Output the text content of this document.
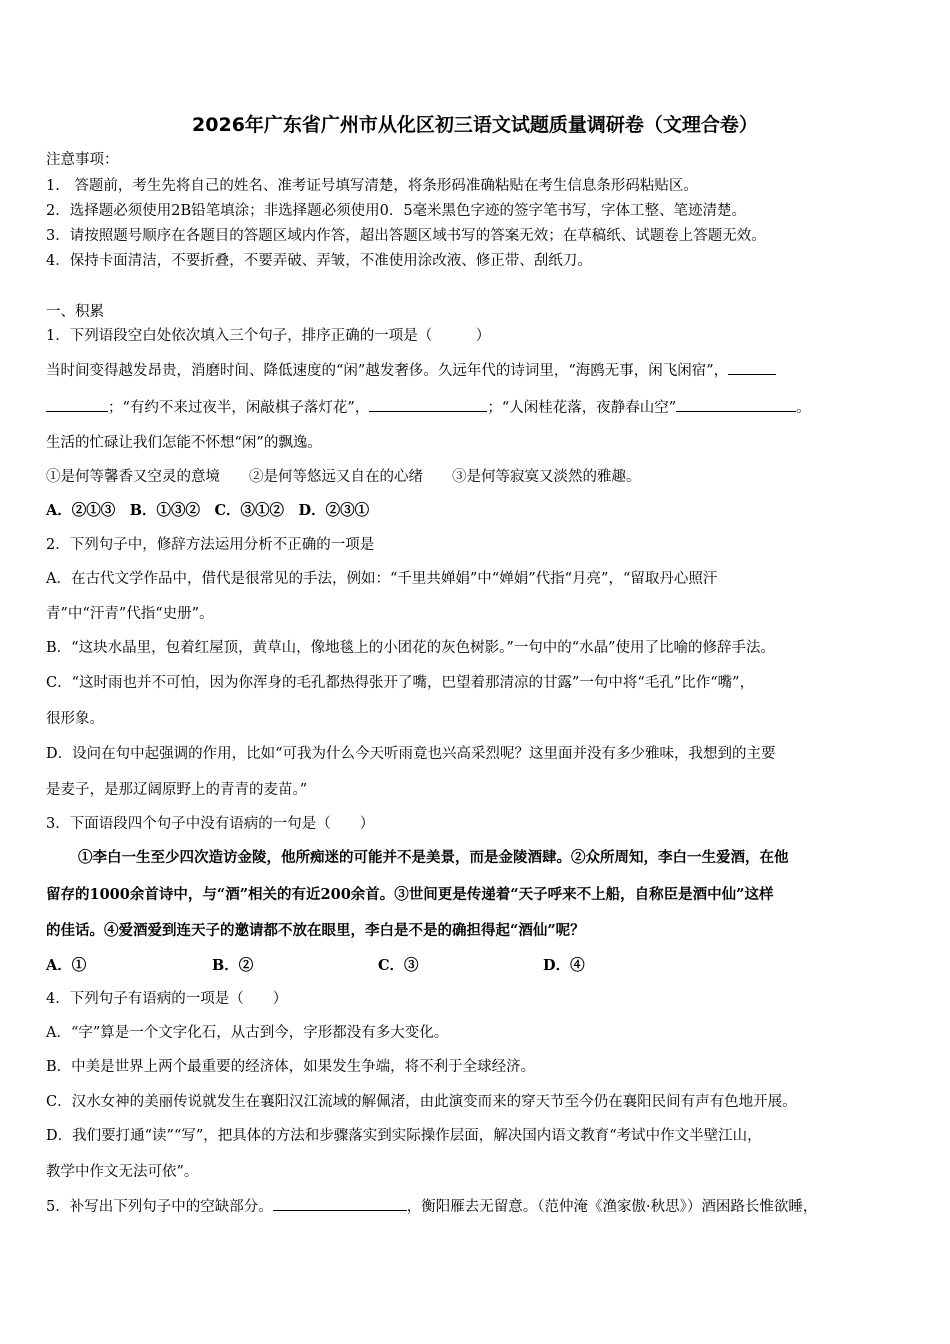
2026年广东省广州市从化区初三语文试题质量调研卷（文理合卷）
注意事项：
1.　答题前，考生先将自己的姓名、准考证号填写清楚，将条形码准确粘贴在考生信息条形码粘贴区。
2．选择题必须使用2B铅笔填涂；非选择题必须使用0．5毫米黑色字迹的签字笔书写，字体工整、笔迹清楚。
3．请按照题号顺序在各题目的答题区域内作答，超出答题区域书写的答案无效；在草稿纸、试题卷上答题无效。
4．保持卡面清洁，不要折叠，不要弄破、弄皱，不准使用涂改液、修正带、刮纸刀。
一、积累
1．下列语段空白处依次填入三个句子，排序正确的一项是（　　　）
当时间变得越发昂贵，消磨时间、降低速度的“闲”越发奢侈。久远年代的诗词里，“海鸥无事，闲飞闲宿”，
；“有约不来过夜半，闲敲棋子落灯花”，	；“人闲桂花落，夜静春山空”	。
生活的忙碌让我们怎能不怀想“闲”的飘逸。
①是何等馨香又空灵的意境　　②是何等悠远又自在的心绪　　③是何等寂寞又淡然的雅趣。
A．②①③　B．①③②　C．③①②　D．②③①
2．下列句子中，修辞方法运用分析不正确的一项是
A．在古代文学作品中，借代是很常见的手法，例如：“千里共婵娟”中“婵娟”代指“月亮”，“留取丹心照汗
青”中“汗青”代指“史册”。
B．“这块水晶里，包着红屋顶，黄草山，像地毯上的小团花的灰色树影。”一句中的“水晶”使用了比喻的修辞手法。
C．“这时雨也并不可怕，因为你浑身的毛孔都热得张开了嘴，巴望着那清凉的甘露”一句中将“毛孔”比作“嘴”，
很形象。
D．设问在句中起强调的作用，比如“可我为什么今天听雨竟也兴高采烈呢？这里面并没有多少雅味，我想到的主要
是麦子，是那辽阔原野上的青青的麦苗。”
3．下面语段四个句子中没有语病的一句是（　　）
①李白一生至少四次造访金陵，他所痴迷的可能并不是美景，而是金陵酒肆。②众所周知，李白一生爱酒，在他
留存的1000余首诗中，与“酒”相关的有近200余首。③世间更是传递着“天子呼来不上船，自称臣是酒中仙”这样
的佳话。④爱酒爱到连天子的邀请都不放在眼里，李白是不是的确担得起“酒仙”呢？
A．①	B．②	C．③	D．④
4．下列句子有语病的一项是（　　）
A．“字”算是一个文字化石，从古到今，字形都没有多大变化。
B．中美是世界上两个最重要的经济体，如果发生争端，将不利于全球经济。
C．汉水女神的美丽传说就发生在襄阳汉江流域的解佩渚，由此演变而来的穿天节至今仍在襄阳民间有声有色地开展。
D．我们要打通“读”“写”，把具体的方法和步骤落实到实际操作层面，解决国内语文教育“考试中作文半壁江山，
教学中作文无法可依”。
5．补写出下列句子中的空缺部分。	，衡阳雁去无留意。（范仲淹《渔家傲·秋思》）酒困路长惟欲睡，
